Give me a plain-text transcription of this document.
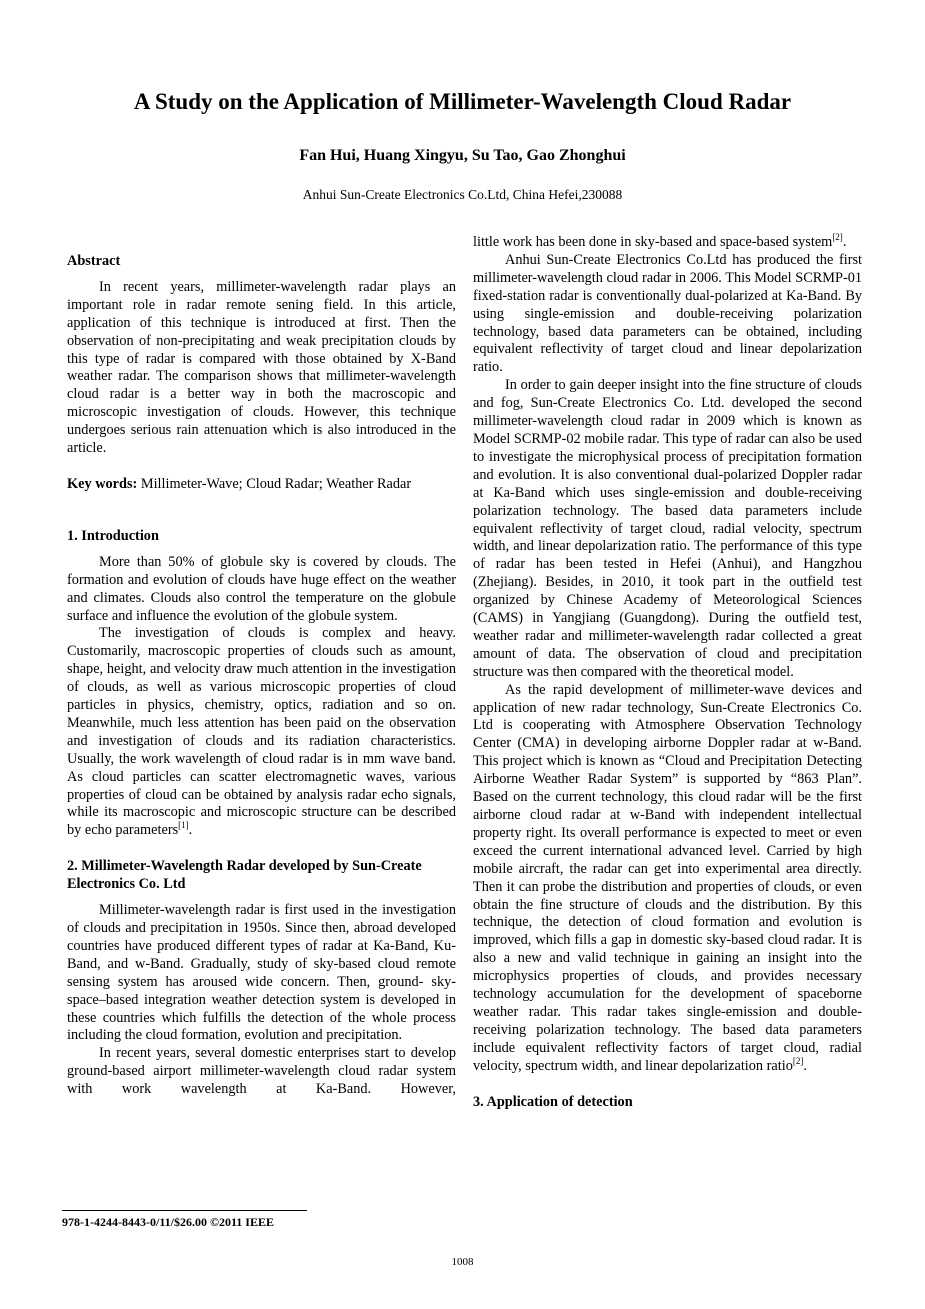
A Study on the Application of Millimeter-Wavelength Cloud Radar
Fan Hui, Huang Xingyu, Su Tao, Gao Zhonghui
Anhui Sun-Create Electronics Co.Ltd, China Hefei,230088
Abstract

In recent years, millimeter-wavelength radar plays an important role in radar remote sening field. In this article, application of this technique is introduced at first. Then the observation of non-precipitating and weak precipitation clouds by this type of radar is compared with those obtained by X-Band weather radar. The comparison shows that millimeter-wavelength cloud radar is a better way in both the macroscopic and microscopic investigation of clouds. However, this technique undergoes serious rain attenuation which is also introduced in the article.

Key words: Millimeter-Wave; Cloud Radar; Weather Radar

1. Introduction

More than 50% of globule sky is covered by clouds. The formation and evolution of clouds have huge effect on the weather and climates. Clouds also control the temperature on the globule surface and influence the evolution of the globule system.

The investigation of clouds is complex and heavy. Customarily, macroscopic properties of clouds such as amount, shape, height, and velocity draw much attention in the investigation of clouds, as well as various microscopic properties of cloud particles in physics, chemistry, optics, radiation and so on. Meanwhile, much less attention has been paid on the observation and investigation of clouds and its radiation characteristics. Usually, the work wavelength of cloud radar is in mm wave band. As cloud particles can scatter electromagnetic waves, various properties of cloud can be obtained by analysis radar echo signals, while its macroscopic and microscopic structure can be described by echo parameters[1].

2. Millimeter-Wavelength Radar developed by Sun-Create Electronics Co. Ltd

Millimeter-wavelength radar is first used in the investigation of clouds and precipitation in 1950s. Since then, abroad developed countries have produced different types of radar at Ka-Band, Ku-Band, and w-Band. Gradually, study of sky-based cloud remote sensing system has aroused wide concern. Then, ground- sky- space–based integration weather detection system is developed in these countries which fulfills the detection of the whole process including the cloud formation, evolution and precipitation.

In recent years, several domestic enterprises start to develop ground-based airport millimeter-wavelength cloud radar system with work wavelength at Ka-Band. However,

little work has been done in sky-based and space-based system[2].

Anhui Sun-Create Electronics Co.Ltd has produced the first millimeter-wavelength cloud radar in 2006. This Model SCRMP-01 fixed-station radar is conventionally dual-polarized at Ka-Band. By using single-emission and double-receiving polarization technology, based data parameters can be obtained, including equivalent reflectivity of target cloud and linear depolarization ratio.

In order to gain deeper insight into the fine structure of clouds and fog, Sun-Create Electronics Co. Ltd. developed the second millimeter-wavelength cloud radar in 2009 which is known as Model SCRMP-02 mobile radar. This type of radar can also be used to investigate the microphysical process of precipitation formation and evolution. It is also conventional dual-polarized Doppler radar at Ka-Band which uses single-emission and double-receiving polarization technology. The based data parameters include equivalent reflectivity of target cloud, radial velocity, spectrum width, and linear depolarization ratio. The performance of this type of radar has been tested in Hefei (Anhui), and Hangzhou (Zhejiang). Besides, in 2010, it took part in the outfield test organized by Chinese Academy of Meteorological Sciences (CAMS) in Yangjiang (Guangdong). During the outfield test, weather radar and millimeter-wavelength radar collected a great amount of data. The observation of cloud and precipitation structure was then compared with the theoretical model.

As the rapid development of millimeter-wave devices and application of new radar technology, Sun-Create Electronics Co. Ltd is cooperating with Atmosphere Observation Technology Center (CMA) in developing airborne Doppler radar at w-Band. This project which is known as “Cloud and Precipitation Detecting Airborne Weather Radar System” is supported by “863 Plan”. Based on the current technology, this cloud radar will be the first airborne cloud radar at w-Band with independent intellectual property right. Its overall performance is expected to meet or even exceed the current international advanced level. Carried by high mobile aircraft, the radar can get into experimental area directly. Then it can probe the distribution and properties of clouds, or even obtain the fine structure of clouds and the distribution. By this technique, the detection of cloud formation and evolution is improved, which fills a gap in domestic sky-based cloud radar. It is also a new and valid technique in gaining an insight into the microphysics properties of clouds, and provides necessary technology accumulation for the development of spaceborne weather radar. This radar takes single-emission and double-receiving polarization technology. The based data parameters include equivalent reflectivity factors of target cloud, radial velocity, spectrum width, and linear depolarization ratio[2].

3. Application of detection
978-1-4244-8443-0/11/$26.00 ©2011 IEEE
1008
